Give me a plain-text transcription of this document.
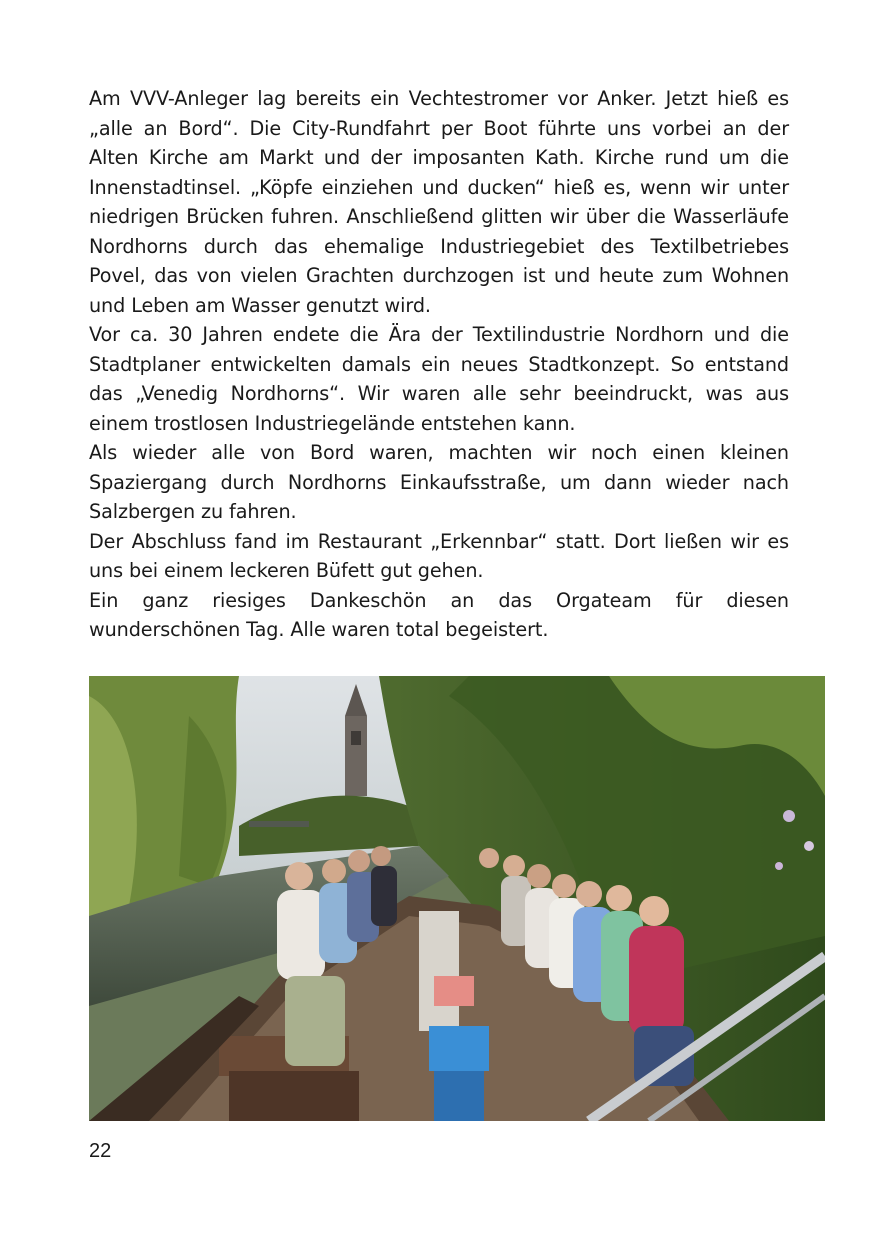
Am VVV-Anleger lag bereits ein Vechtestromer vor Anker. Jetzt hieß es „alle an Bord“. Die City-Rundfahrt per Boot führte uns vorbei an der Alten Kirche am Markt und der imposanten Kath. Kirche rund um die Innenstadtinsel. „Köpfe einziehen und ducken“ hieß es, wenn wir unter niedrigen Brücken fuhren. Anschließend glitten wir über die Wasserläufe Nordhorns durch das ehemalige Industriegebiet des Textilbetriebes Povel, das von vielen Grachten durchzogen ist und heute zum Wohnen und Leben am Wasser genutzt wird.

Vor ca. 30 Jahren endete die Ära der Textilindustrie Nordhorn und die Stadtplaner entwickelten damals ein neues Stadtkonzept. So entstand das „Venedig Nordhorns“. Wir waren alle sehr beeindruckt, was aus einem trostlosen Industriegelände entstehen kann.

Als wieder alle von Bord waren, machten wir noch einen kleinen Spaziergang durch Nordhorns Einkaufsstraße, um dann wieder nach Salzbergen zu fahren.

Der Abschluss fand im Restaurant „Erkennbar“ statt. Dort ließen wir es uns bei einem leckeren Büfett gut gehen.

Ein ganz riesiges Dankeschön an das Orgateam für diesen wunderschönen Tag. Alle waren total begeistert.

22
